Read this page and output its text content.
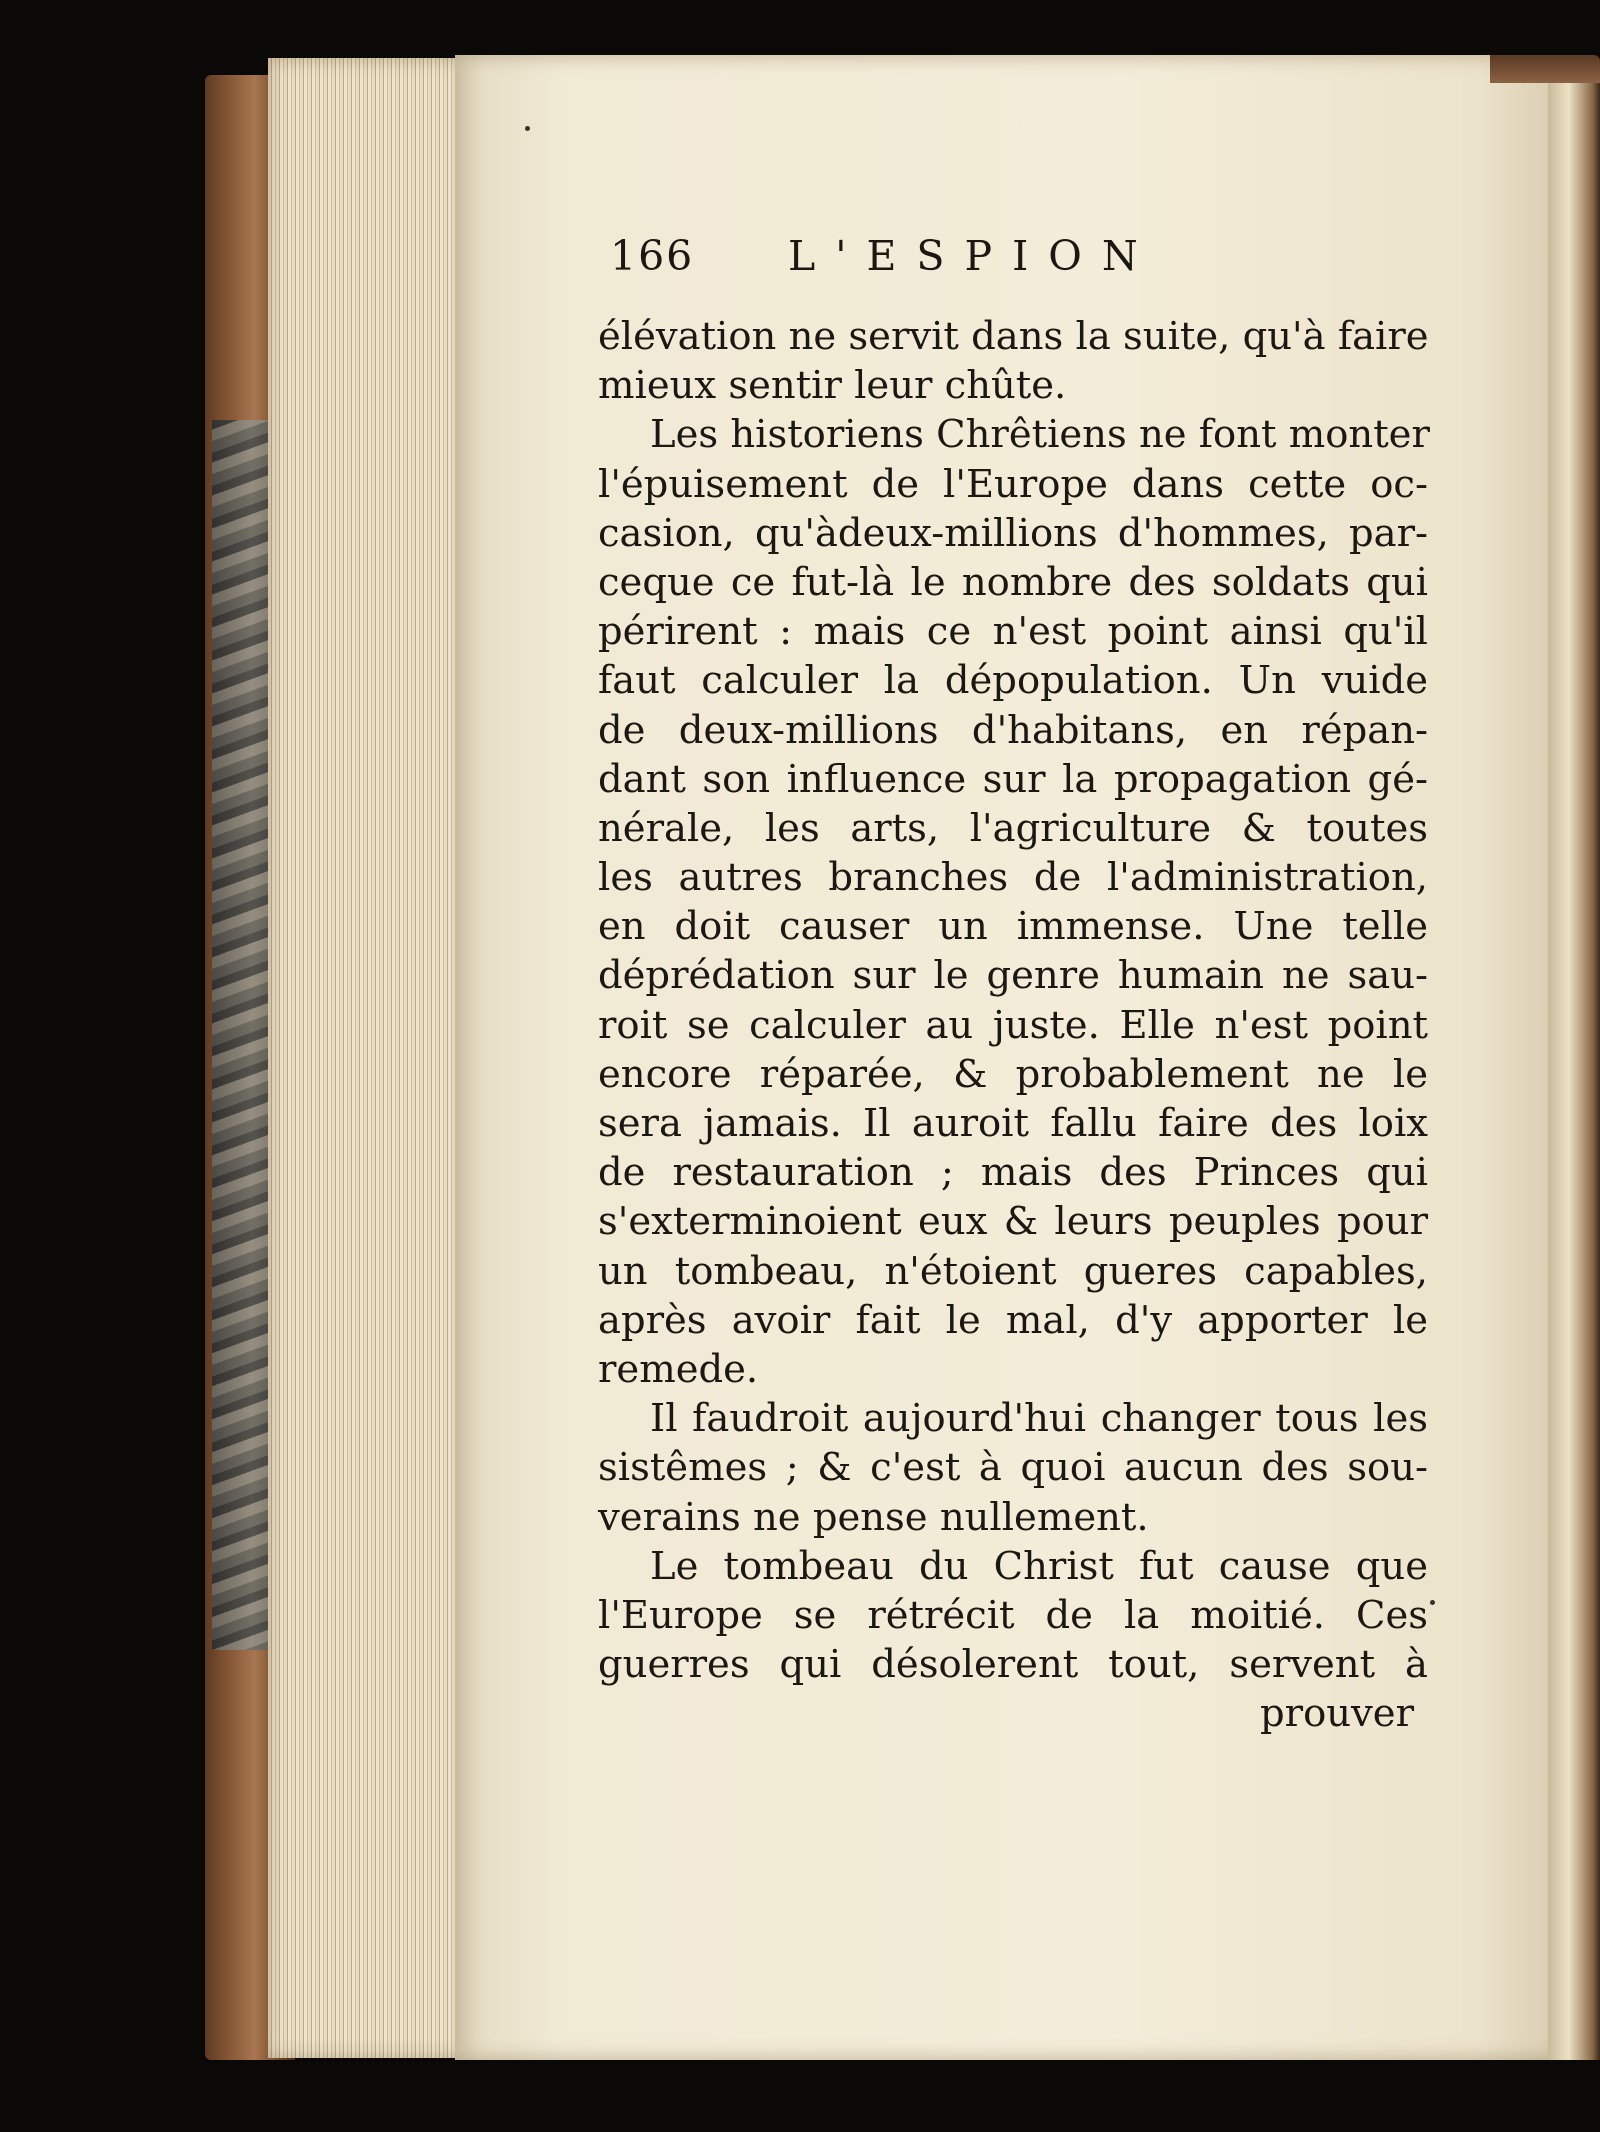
166 L'ESPION
élévation ne servit dans la suite, qu'à faire
mieux sentir leur chûte.
Les historiens Chrêtiens ne font monter
l'épuisement de l'Europe dans cette oc-
casion, qu'àdeux-millions d'hommes, par-
ceque ce fut-là le nombre des soldats qui
périrent : mais ce n'est point ainsi qu'il
faut calculer la dépopulation. Un vuide
de deux-millions d'habitans, en répan-
dant son influence sur la propagation gé-
nérale, les arts, l'agriculture & toutes
les autres branches de l'administration,
en doit causer un immense. Une telle
déprédation sur le genre humain ne sau-
roit se calculer au juste. Elle n'est point
encore réparée, & probablement ne le
sera jamais. Il auroit fallu faire des loix
de restauration ; mais des Princes qui
s'exterminoient eux & leurs peuples pour
un tombeau, n'étoient gueres capables,
après avoir fait le mal, d'y apporter le
remede.
Il faudroit aujourd'hui changer tous les
sistêmes ; & c'est à quoi aucun des sou-
verains ne pense nullement.
Le tombeau du Christ fut cause que
l'Europe se rétrécit de la moitié. Ces
guerres qui désolerent tout, servent à
prouver
